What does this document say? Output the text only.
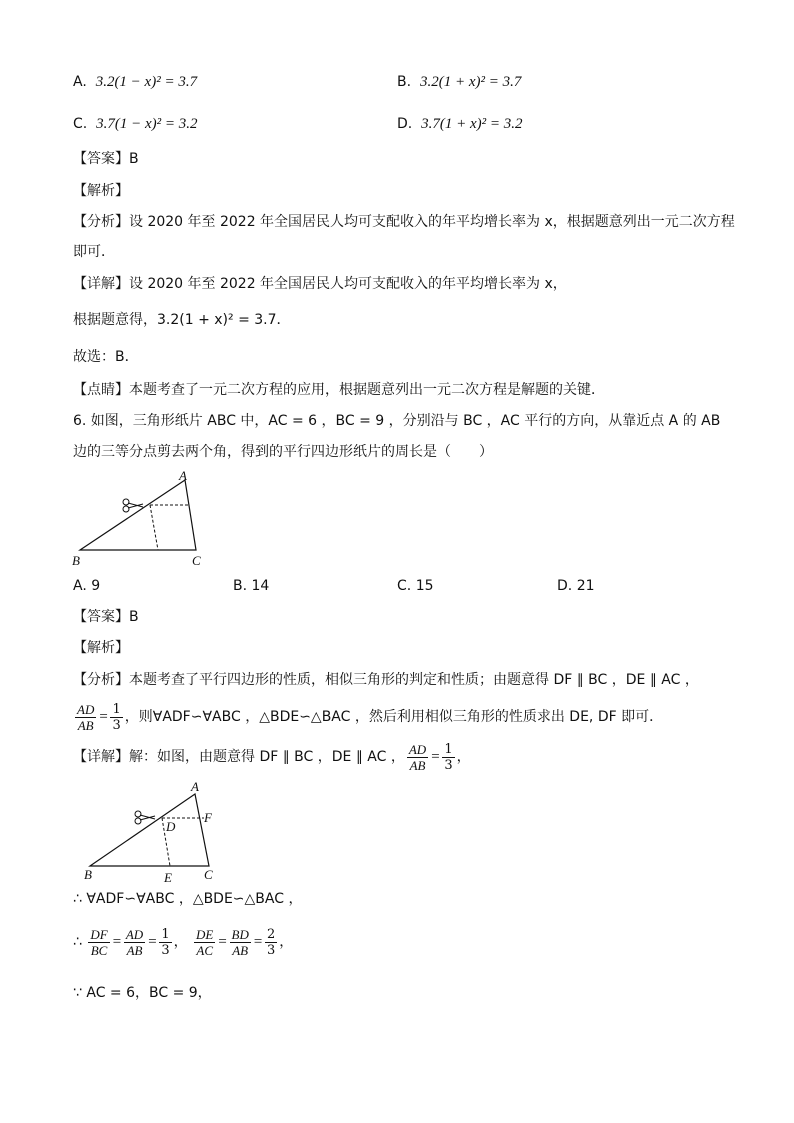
A. 3.2(1 − x)² = 3.7	B. 3.2(1 + x)² = 3.7
C. 3.7(1 − x)² = 3.2	D. 3.7(1 + x)² = 3.2
【答案】B
【解析】
【分析】设 2020 年至 2022 年全国居民人均可支配收入的年平均增长率为 x，根据题意列出一元二次方程
即可．
【详解】设 2020 年至 2022 年全国居民人均可支配收入的年平均增长率为 x，
根据题意得，3.2(1 + x)² = 3.7．
故选：B．
【点睛】本题考查了一元二次方程的应用，根据题意列出一元二次方程是解题的关键．
6. 如图，三角形纸片 ABC 中，AC = 6 ，BC = 9 ，分别沿与 BC ，AC 平行的方向，从靠近点 A 的 AB
边的三等分点剪去两个角，得到的平行四边形纸片的周长是（　　）
A
B	C
A. 9	B. 14	C. 15	D. 21
【答案】B
【解析】
【分析】本题考查了平行四边形的性质，相似三角形的判定和性质；由题意得 DF ∥ BC ，DE ∥ AC ，
$\frac{AD}{AB} = \frac{1}{3}$ ，则∀ADF∽∀ABC ，△BDE∽△BAC ，然后利用相似三角形的性质求出 DE, DF 即可．
【详解】解：如图，由题意得 DF ∥ BC ，DE ∥ AC ， $\frac{AD}{AB} = \frac{1}{3}$ ，
A
B	C
D
E
F
∴ ∀ADF∽∀ABC ，△BDE∽△BAC ，
∴ $\frac{DF}{BC} = \frac{AD}{AB} = \frac{1}{3}$ ， $\frac{DE}{AC} = \frac{BD}{AB} = \frac{2}{3}$ ，
∵ AC = 6，BC = 9，
